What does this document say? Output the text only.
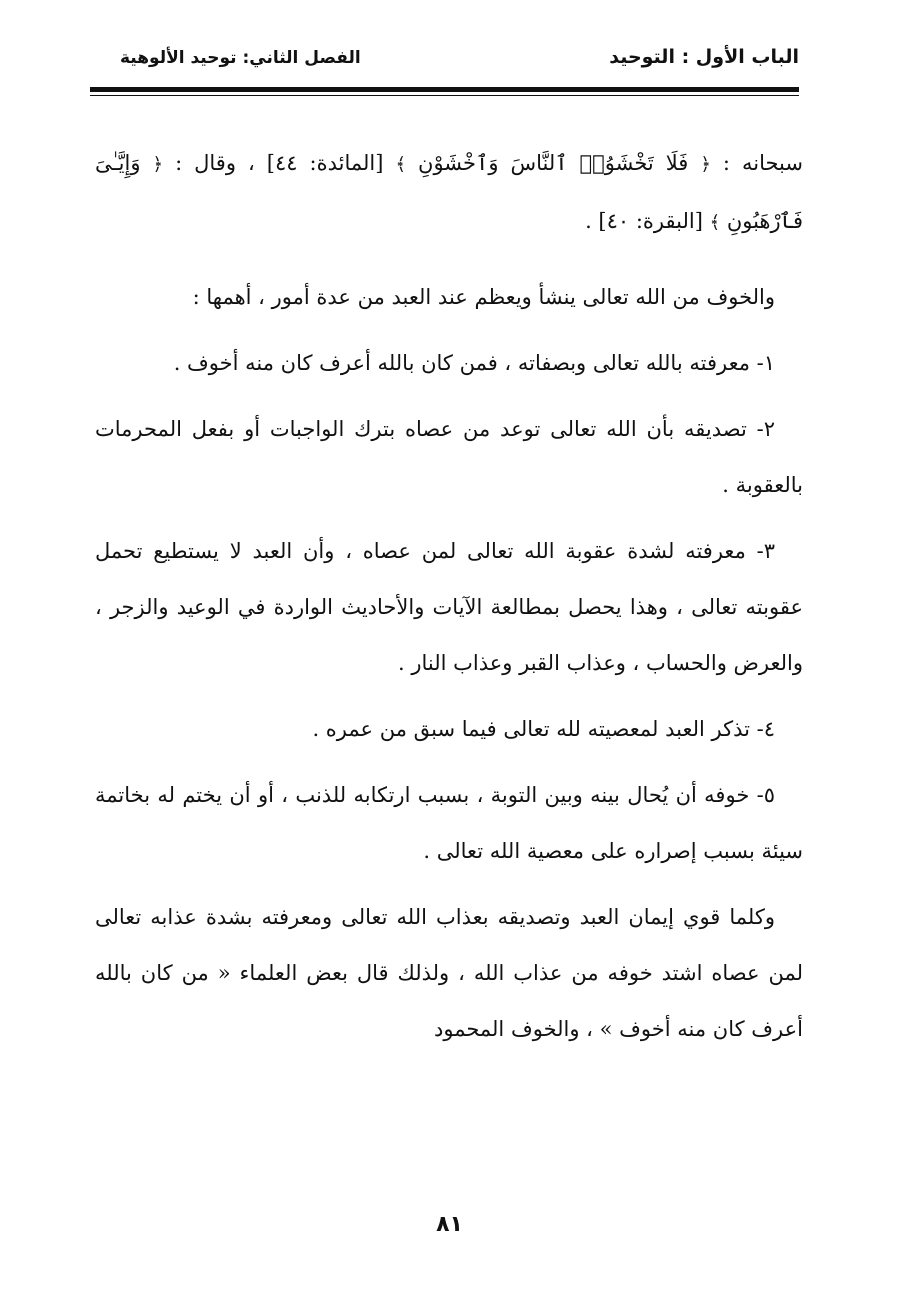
الباب الأول : التوحيد
الفصل الثاني: توحيد الألوهية

سبحانه : ﴿ فَلَا تَخْشَوُا۟ ٱلنَّاسَ وَٱخْشَوْنِ ﴾ [المائدة: ٤٤] ، وقال : ﴿ وَإِيَّـٰىَ فَٱرْهَبُونِ ﴾ [البقرة: ٤٠] .

والخوف من الله تعالى ينشأ ويعظم عند العبد من عدة أمور ، أهمها :

١- معرفته بالله تعالى وبصفاته ، فمن كان بالله أعرف كان منه أخوف .

٢- تصديقه بأن الله تعالى توعد من عصاه بترك الواجبات أو بفعل المحرمات بالعقوبة .

٣- معرفته لشدة عقوبة الله تعالى لمن عصاه ، وأن العبد لا يستطيع تحمل عقوبته تعالى ، وهذا يحصل بمطالعة الآيات والأحاديث الواردة في الوعيد والزجر ، والعرض والحساب ، وعذاب القبر وعذاب النار .

٤- تذكر العبد لمعصيته لله تعالى فيما سبق من عمره .

٥- خوفه أن يُحال بينه وبين التوبة ، بسبب ارتكابه للذنب ، أو أن يختم له بخاتمة سيئة بسبب إصراره على معصية الله تعالى .

وكلما قوي إيمان العبد وتصديقه بعذاب الله تعالى ومعرفته بشدة عذابه تعالى لمن عصاه اشتد خوفه من عذاب الله ، ولذلك قال بعض العلماء « من كان بالله أعرف كان منه أخوف » ، والخوف المحمود

٨١
